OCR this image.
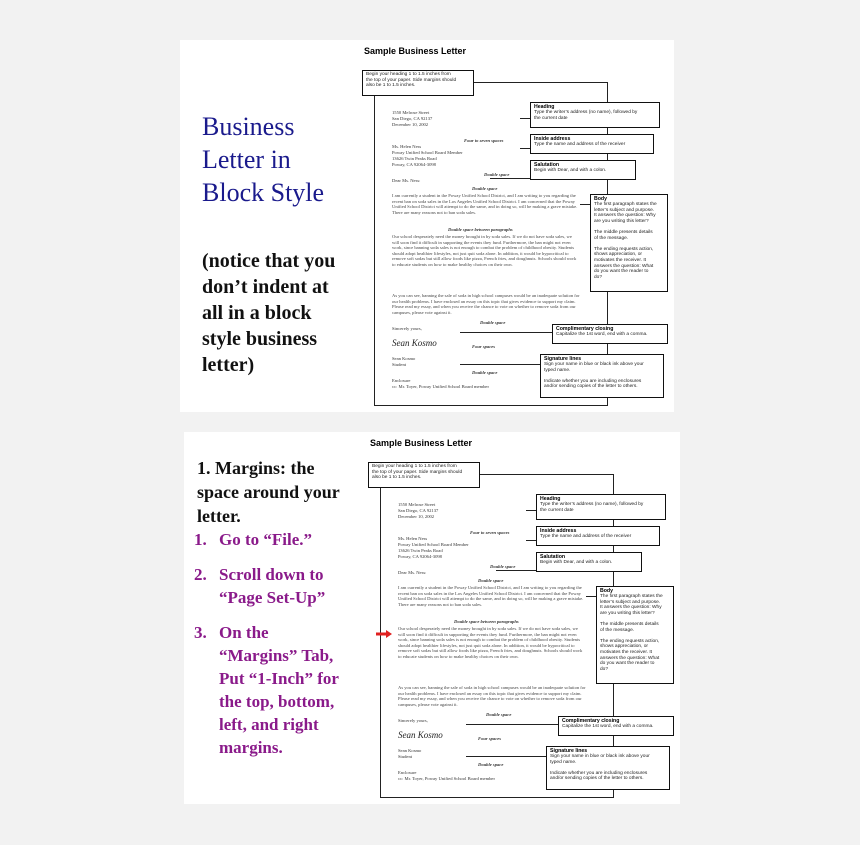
Business
Letter in
Block Style
(notice that you
don’t indent at
all in a block
style business
letter)
Sample Business Letter
Begin your heading 1 to 1.5 inches from
the top of your paper. Side margins should
also be 1 to 1.5 inches.
1550 Melrose Street
San Diego, CA 92137
December 10, 2002
Four to seven spaces
Ms. Helen Ness
Poway Unified School Board Member
13626 Twin Peaks Road
Poway, CA 92064-3098
Double space
Dear Ms. Ness:
Double space
I am currently a student in the Poway Unified School District, and I am writing to you regarding the recent ban on soda sales in the Los Angeles Unified School District. I am concerned that the Poway Unified School District will attempt to do the same, and in doing so, will be making a grave mistake. There are many reasons not to ban soda sales.
Double space between paragraphs
Our school desperately need the money brought in by soda sales. If we do not have soda sales, we will soon find it difficult in supporting the events they fund. Furthermore, the ban might not even work, since banning soda sales is not enough to combat the problem of childhood obesity. Students should adopt healthier lifestyles, not just quit soda alone. In addition, it would be hypocritical to remove soft sodas but still allow foods like pizza, French fries, and doughnuts. Schools should work to educate students on how to make healthy choices on their own.
As you can see, banning the sale of soda in high school campuses would be an inadequate solution for our health problems. I have enclosed an essay on this topic that gives evidence to support my claim. Please read my essay, and when you receive the chance to vote on whether to remove soda from our campuses, please vote against it.
Double space
Sincerely yours,
Sean Kosmo	Four spaces
Sean Kosmo
Student
Double space
Enclosure
cc: Mr. Toyer, Poway Unified School Board member
Heading
Type the writer’s address (no name), followed by
the current date
Inside address
Type the name and address of the receiver
Salutation
Begin with Dear, and with a colon.
Body
The first paragraph states the
letter’s subject and purpose.
It answers the question: Why
are you writing this letter?

The middle presents details
of the message.

The ending requests action,
shows appreciation, or
motivates the receiver. It
answers the question: What
do you want the reader to
do?
Complimentary closing
Capitalize the 1st word, end with a comma.
Signature lines
Sign your name in blue or black ink above your
typed name.

Indicate whether you are including enclosures
and/or sending copies of the letter to others.
1. Margins: the
space around your
letter.
1. Go to “File.”
2. Scroll down to
“Page Set-Up”
3. On the
“Margins” Tab,
Put “1-Inch” for
the top, bottom,
left, and right
margins.
Sample Business Letter
Begin your heading 1 to 1.5 inches from
the top of your paper. Side margins should
also be 1 to 1.5 inches.
1550 Melrose Street
San Diego, CA 92137
December 10, 2002
Four to seven spaces
Ms. Helen Ness
Poway Unified School Board Member
13626 Twin Peaks Road
Poway, CA 92064-3098
Double space
Dear Ms. Ness:
Double space
I am currently a student in the Poway Unified School District, and I am writing to you regarding the recent ban on soda sales in the Los Angeles Unified School District. I am concerned that the Poway Unified School District will attempt to do the same, and in doing so, will be making a grave mistake. There are many reasons not to ban soda sales.
Double space between paragraphs
Our school desperately need the money brought in by soda sales. If we do not have soda sales, we will soon find it difficult in supporting the events they fund. Furthermore, the ban might not even work, since banning soda sales is not enough to combat the problem of childhood obesity. Students should adopt healthier lifestyles, not just quit soda alone. In addition, it would be hypocritical to remove soft sodas but still allow foods like pizza, French fries, and doughnuts. Schools should work to educate students on how to make healthy choices on their own.
As you can see, banning the sale of soda in high school campuses would be an inadequate solution for our health problems. I have enclosed an essay on this topic that gives evidence to support my claim. Please read my essay, and when you receive the chance to vote on whether to remove soda from our campuses, please vote against it.
Double space
Sincerely yours,
Sean Kosmo	Four spaces
Sean Kosmo
Student
Double space
Enclosure
cc: Mr. Toyer, Poway Unified School Board member
Heading
Type the writer’s address (no name), followed by
the current date
Inside address
Type the name and address of the receiver
Salutation
Begin with Dear, and with a colon.
Body
The first paragraph states the
letter’s subject and purpose.
It answers the question: Why
are you writing this letter?

The middle presents details
of the message.

The ending requests action,
shows appreciation, or
motivates the receiver. It
answers the question: What
do you want the reader to
do?
Complimentary closing
Capitalize the 1st word, end with a comma.
Signature lines
Sign your name in blue or black ink above your
typed name.

Indicate whether you are including enclosures
and/or sending copies of the letter to others.
